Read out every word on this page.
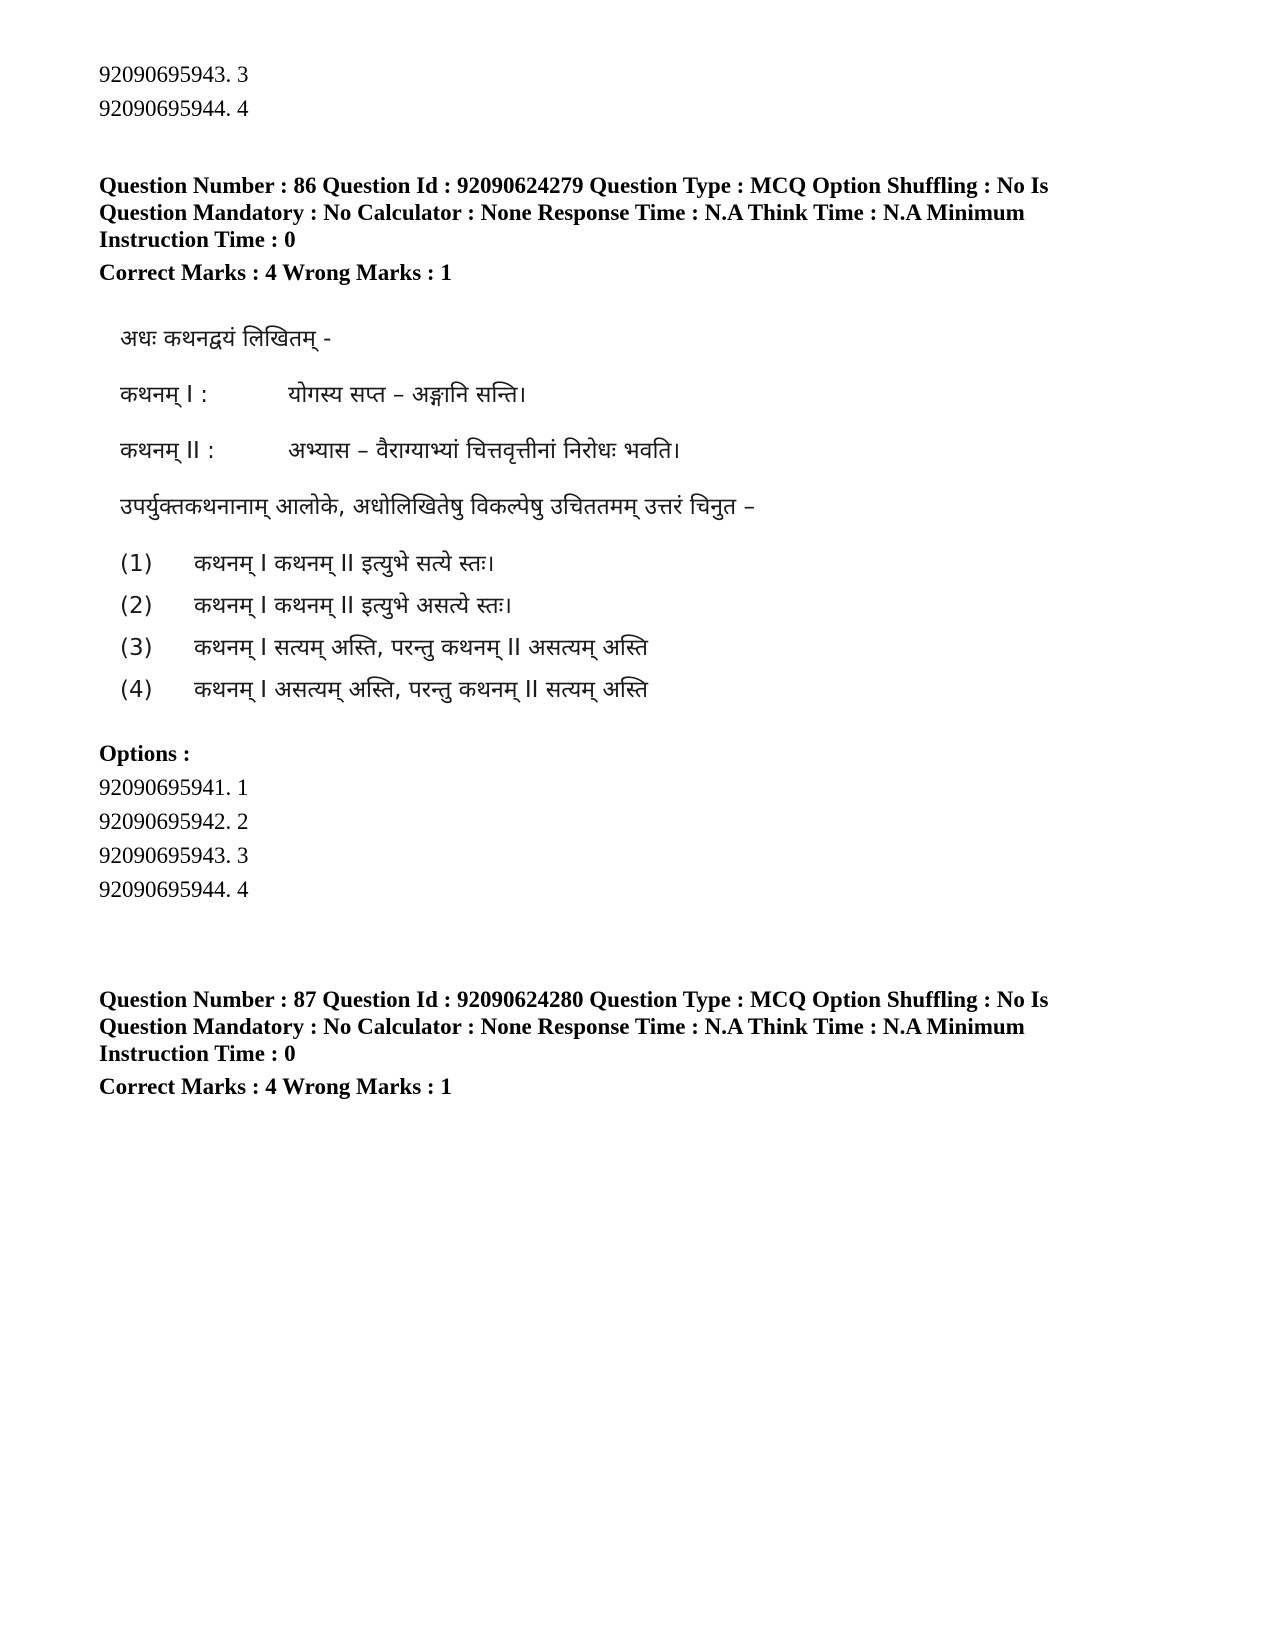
92090695943. 3
92090695944. 4
Question Number : 86 Question Id : 92090624279 Question Type : MCQ Option Shuffling : No Is
Question Mandatory : No Calculator : None Response Time : N.A Think Time : N.A Minimum
Instruction Time : 0
Correct Marks : 4 Wrong Marks : 1
अधः कथनद्वयं लिखितम् -
कथनम् I :	योगस्य सप्त – अङ्गानि सन्ति।
कथनम् II :	अभ्यास – वैराग्याभ्यां चित्तवृत्तीनां निरोधः भवति।
उपर्युक्तकथनानाम् आलोके, अधोलिखितेषु विकल्पेषु उचिततमम् उत्तरं चिनुत –
(1) कथनम् I कथनम् II इत्युभे सत्ये स्तः।
(2) कथनम् I कथनम् II इत्युभे असत्ये स्तः।
(3) कथनम् I सत्यम् अस्ति, परन्तु कथनम् II असत्यम् अस्ति
(4) कथनम् I असत्यम् अस्ति, परन्तु कथनम् II सत्यम् अस्ति
Options :
92090695941. 1
92090695942. 2
92090695943. 3
92090695944. 4
Question Number : 87 Question Id : 92090624280 Question Type : MCQ Option Shuffling : No Is
Question Mandatory : No Calculator : None Response Time : N.A Think Time : N.A Minimum
Instruction Time : 0
Correct Marks : 4 Wrong Marks : 1
